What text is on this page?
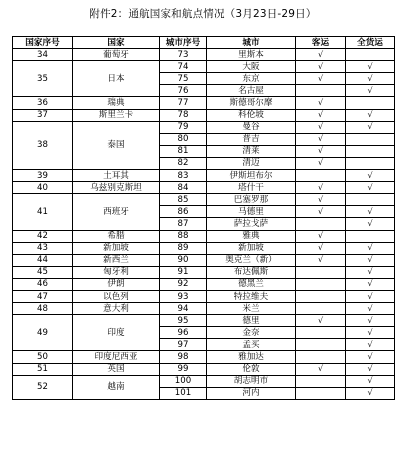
附件2：通航国家和航点情况（3月23日-29日）
国家序号	国家	城市序号	城市	客运	全货运
34	葡萄牙	73	里斯本	√	
35	日本	74	大阪	√	√
		75	东京	√	√
		76	名古屋		√
36	瑞典	77	斯德哥尔摩	√	
37	斯里兰卡	78	科伦坡	√	√
38	泰国	79	曼谷	√	√
		80	普吉	√	
		81	清莱	√	
		82	清迈	√	
39	土耳其	83	伊斯坦布尔		√
40	乌兹别克斯坦	84	塔什干	√	√
41	西班牙	85	巴塞罗那	√	
		86	马德里	√	√
		87	萨拉戈萨		√
42	希腊	88	雅典	√	
43	新加坡	89	新加坡	√	√
44	新西兰	90	奥克兰（新）	√	√
45	匈牙利	91	布达佩斯		√
46	伊朗	92	德黑兰		√
47	以色列	93	特拉维夫		√
48	意大利	94	米兰		√
49	印度	95	德里	√	√
		96	金奈		√
		97	孟买		√
50	印度尼西亚	98	雅加达		√
51	英国	99	伦敦	√	√
52	越南	100	胡志明市		√
		101	河内		√
